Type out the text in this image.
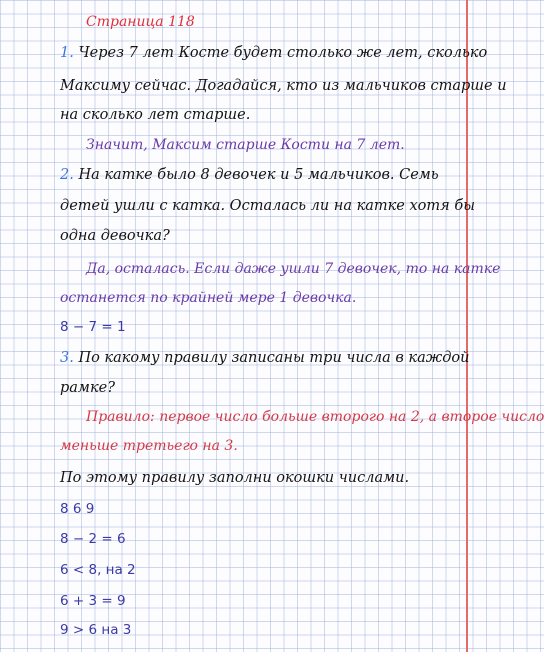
Страница 118
1. Через 7 лет Косте будет столько же лет, сколько
Максиму сейчас. Догадайся, кто из мальчиков старше и
на сколько лет старше.
Значит, Максим старше Кости на 7 лет.
2. На катке было 8 девочек и 5 мальчиков. Семь
детей ушли с катка. Осталась ли на катке хотя бы
одна девочка?
Да, осталась. Если даже ушли 7 девочек, то на катке
останется по крайней мере 1 девочка.
8 − 7 = 1
3. По какому правилу записаны три числа в каждой
рамке?
Правило: первое число больше второго на 2, а второе число
меньше третьего на 3.
По этому правилу заполни окошки числами.
8 6 9
8 − 2 = 6
6 < 8, на 2
6 + 3 = 9
9 > 6 на 3
